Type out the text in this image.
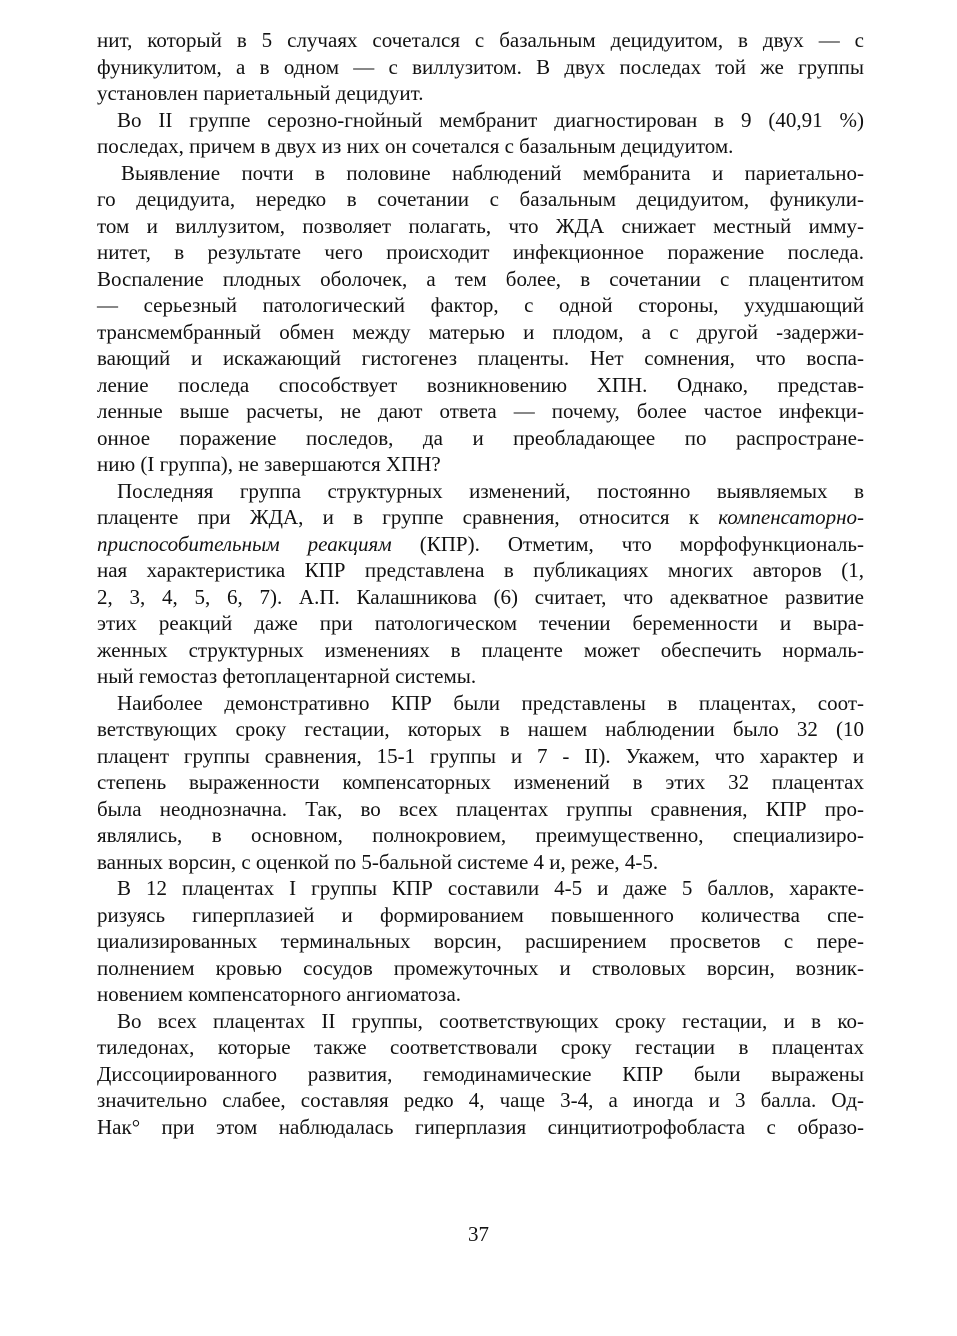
нит, который в 5 случаях сочетался с базальным децидуитом, в двух — с
фуникулитом, а в одном — с виллузитом. В двух последах той же группы
установлен париетальный децидуит.
Во II группе серозно-гнойный мембранит диагностирован в 9 (40,91 %)
последах, причем в двух из них он сочетался с базальным децидуитом.
Выявление почти в половине наблюдений мембранита и париетально-
го децидуита, нередко в сочетании с базальным децидуитом, фуникули-
том и виллузитом, позволяет полагать, что ЖДА снижает местный имму-
нитет, в результате чего происходит инфекционное поражение последа.
Воспаление плодных оболочек, а тем более, в сочетании с плацентитом
— серьезный патологический фактор, с одной стороны, ухудшающий
трансмембранный обмен между матерью и плодом, а с другой -задержи-
вающий и искажающий гистогенез плаценты. Нет сомнения, что воспа-
ление последа способствует возникновению ХПН. Однако, представ-
ленные выше расчеты, не дают ответа — почему, более частое инфекци-
онное поражение последов, да и преобладающее по распростране-
нию (I группа), не завершаются ХПН?
Последняя группа структурных изменений, постоянно выявляемых в
плаценте при ЖДА, и в группе сравнения, относится к компенсаторно-
приспособительным реакциям (КПР). Отметим, что морфофункциональ-
ная характеристика КПР представлена в публикациях многих авторов (1,
2, 3, 4, 5, 6, 7). А.П. Калашникова (6) считает, что адекватное развитие
этих реакций даже при патологическом течении беременности и выра-
женных структурных изменениях в плаценте может обеспечить нормаль-
ный гемостаз фетоплацентарной системы.
Наиболее демонстративно КПР были представлены в плацентах, соот-
ветствующих сроку гестации, которых в нашем наблюдении было 32 (10
плацент группы сравнения, 15-1 группы и 7 - II). Укажем, что характер и
степень выраженности компенсаторных изменений в этих 32 плацентах
была неоднозначна. Так, во всех плацентах группы сравнения, КПР про-
являлись, в основном, полнокровием, преимущественно, специализиро-
ванных ворсин, с оценкой по 5-бальной системе 4 и, реже, 4-5.
В 12 плацентах I группы КПР составили 4-5 и даже 5 баллов, характе-
ризуясь гиперплазией и формированием повышенного количества спе-
циализированных терминальных ворсин, расширением просветов с пере-
полнением кровью сосудов промежуточных и стволовых ворсин, возник-
новением компенсаторного ангиоматоза.
Во всех плацентах II группы, соответствующих сроку гестации, и в ко-
тиледонах, которые также соответствовали сроку гестации в плацентах
Диссоциированного развития, гемодинамические КПР были выражены
значительно слабее, составляя редко 4, чаще 3-4, а иногда и 3 балла. Од-
Нак° при этом наблюдалась гиперплазия синцитиотрофобласта с образо-
37
